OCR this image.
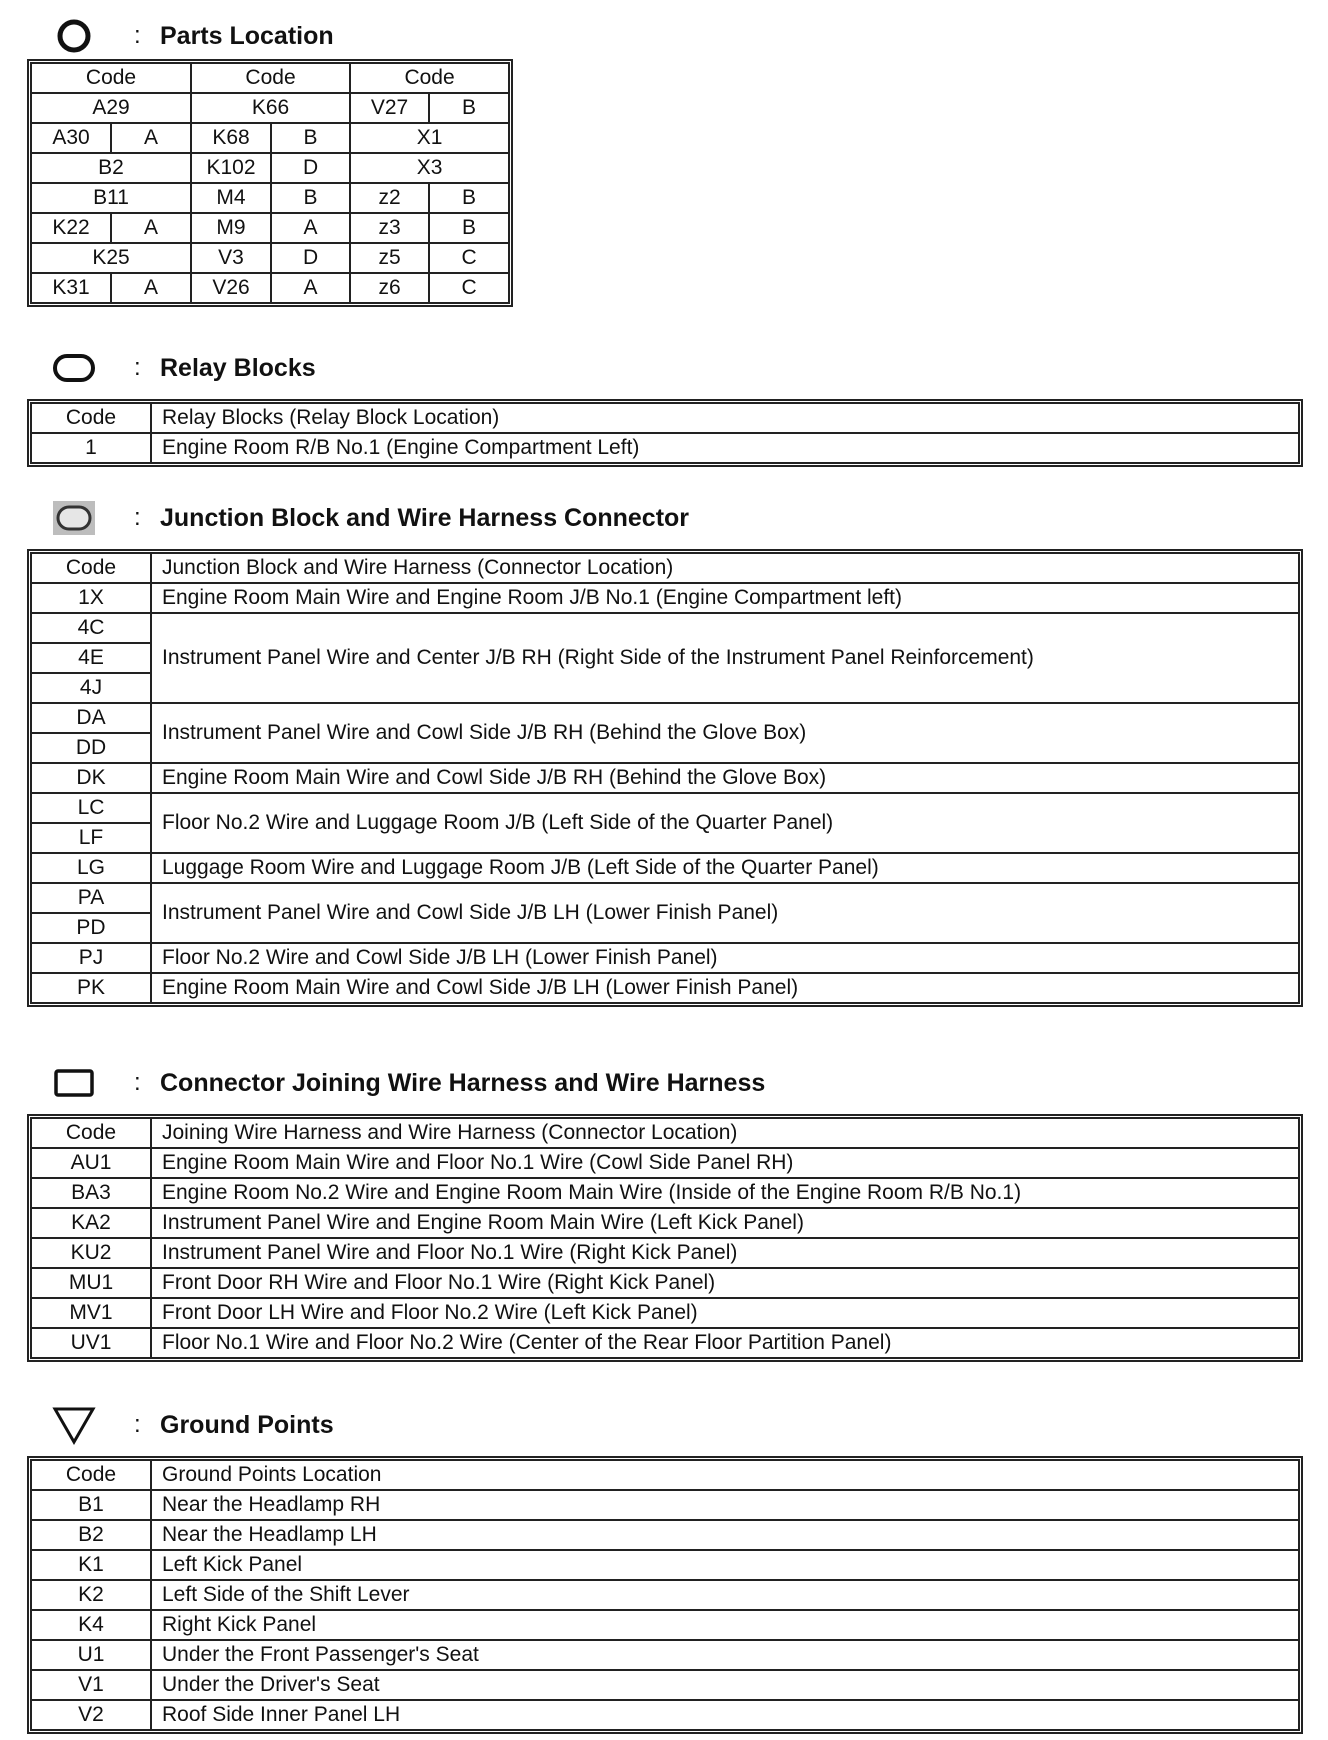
: Parts Location
Code		Code		Code	
A29		K66		V27	B
A30	A	K68	B	X1	
B2		K102	D	X3	
B11		M4	B	z2	B
K22	A	M9	A	z3	B
K25		V3	D	z5	C
K31	A	V26	A	z6	C
: Relay Blocks
Code	Relay Blocks (Relay Block Location)
1	Engine Room R/B No.1 (Engine Compartment Left)
: Junction Block and Wire Harness Connector
Code	Junction Block and Wire Harness (Connector Location)
1X	Engine Room Main Wire and Engine Room J/B No.1 (Engine Compartment left)
4C	Instrument Panel Wire and Center J/B RH (Right Side of the Instrument Panel Reinforcement)
4E	
4J	
DA	Instrument Panel Wire and Cowl Side J/B RH (Behind the Glove Box)
DD	
DK	Engine Room Main Wire and Cowl Side J/B RH (Behind the Glove Box)
LC	Floor No.2 Wire and Luggage Room J/B (Left Side of the Quarter Panel)
LF	
LG	Luggage Room Wire and Luggage Room J/B (Left Side of the Quarter Panel)
PA	Instrument Panel Wire and Cowl Side J/B LH (Lower Finish Panel)
PD	
PJ	Floor No.2 Wire and Cowl Side J/B LH (Lower Finish Panel)
PK	Engine Room Main Wire and Cowl Side J/B LH (Lower Finish Panel)
: Connector Joining Wire Harness and Wire Harness
Code	Joining Wire Harness and Wire Harness (Connector Location)
AU1	Engine Room Main Wire and Floor No.1 Wire (Cowl Side Panel RH)
BA3	Engine Room No.2 Wire and Engine Room Main Wire (Inside of the Engine Room R/B No.1)
KA2	Instrument Panel Wire and Engine Room Main Wire (Left Kick Panel)
KU2	Instrument Panel Wire and Floor No.1 Wire (Right Kick Panel)
MU1	Front Door RH Wire and Floor No.1 Wire (Right Kick Panel)
MV1	Front Door LH Wire and Floor No.2 Wire (Left Kick Panel)
UV1	Floor No.1 Wire and Floor No.2 Wire (Center of the Rear Floor Partition Panel)
: Ground Points
Code	Ground Points Location
B1	Near the Headlamp RH
B2	Near the Headlamp LH
K1	Left Kick Panel
K2	Left Side of the Shift Lever
K4	Right Kick Panel
U1	Under the Front Passenger's Seat
V1	Under the Driver's Seat
V2	Roof Side Inner Panel LH
